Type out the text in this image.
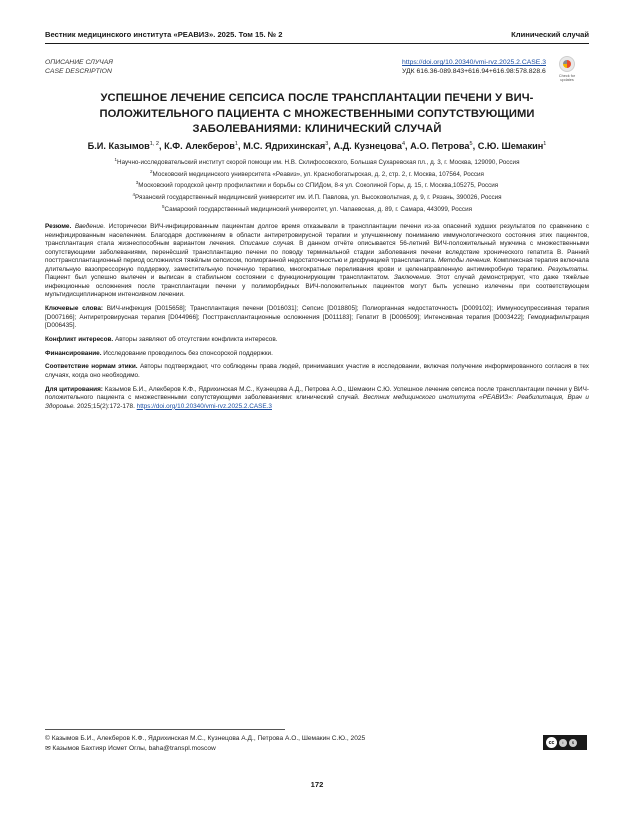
Вестник медицинского института «РЕАВИЗ». 2025. Том 15. № 2	Клинический случай
ОПИСАНИЕ СЛУЧАЯ
CASE DESCRIPTION
https://doi.org/10.20340/vmi-rvz.2025.2.CASE.3
УДК 616.36-089.843+616.94+616.98:578.828.6
Check for updates
УСПЕШНОЕ ЛЕЧЕНИЕ СЕПСИСА ПОСЛЕ ТРАНСПЛАНТАЦИИ ПЕЧЕНИ У ВИЧ-ПОЛОЖИТЕЛЬНОГО ПАЦИЕНТА С МНОЖЕСТВЕННЫМИ СОПУТСТВУЮЩИМИ ЗАБОЛЕВАНИЯМИ: КЛИНИЧЕСКИЙ СЛУЧАЙ
Б.И. Казымов$^{1, 2}$, К.Ф. Алекберов$^1$, М.С. Ядрихинская$^3$, А.Д. Кузнецова$^4$, А.О. Петрова$^5$, С.Ю. Шемакин$^1$
$^1$Научно-исследовательский институт скорой помощи им. Н.В. Склифосовского, Большая Сухаревская пл., д. 3, г. Москва, 129090, Россия
$^2$Московский медицинского университета «Реавиз», ул. Краснобогатырская, д. 2, стр. 2, г. Москва, 107564, Россия
$^3$Московский городской центр профилактики и борьбы со СПИДом, 8-я ул. Соколиной Горы, д. 15, г. Москва,105275, Россия
$^4$Рязанский государственный медицинский университет им. И.П. Павлова, ул. Высоковольтная, д. 9, г. Рязань, 390026, Россия
$^5$Самарский государственный медицинский университет, ул. Чапаевская, д. 89, г. Самара, 443099, Россия

Резюме. Введение. Исторически ВИЧ-инфицированным пациентам долгое время отказывали в трансплантации печени из-за опасений худших результатов по сравнению с неинфицированным населением. Благодаря достижениям в области антиретровирусной терапии и улучшенному пониманию иммунологического состояния этих пациентов, трансплантация стала жизнеспособным вариантом лечения. Описание случая. В данном отчёте описывается 56-летний ВИЧ-положительный мужчина с множественными сопутствующими заболеваниями, перенёсший трансплантацию печени по поводу терминальной стадии заболевания печени вследствие хронического гепатита В. Ранний посттрансплантационный период осложнился тяжёлым сепсисом, полиорганной недостаточностью и дисфункцией трансплантата. Методы лечения. Комплексная терапия включала длительную вазопрессорную поддержку, заместительную почечную терапию, многократные переливания крови и целенаправленную антимикробную терапию. Результаты. Пациент был успешно вылечен и выписан в стабильном состоянии с функционирующим трансплантатом. Заключение. Этот случай демонстрирует, что даже тяжёлые инфекционные осложнения после трансплантации печени у полиморбидных ВИЧ-положительных пациентов могут быть успешно излечены при соответствующем мультидисциплинарном интенсивном лечении.

Ключевые слова: ВИЧ-инфекция [D015658]; Трансплантация печени [D016031]; Сепсис [D018805]; Полиорганная недостаточность [D009102]; Иммуносупрессивная терапия [D007166]; Антиретровирусная терапия [D044966]; Посттрансплантационные осложнения [D011183]; Гепатит В [D006509]; Интенсивная терапия [D003422]; Гемодиафильтрация [D006435].

Конфликт интересов. Авторы заявляют об отсутствии конфликта интересов.

Финансирование. Исследование проводилось без спонсорской поддержки.

Соответствие нормам этики. Авторы подтверждают, что соблюдены права людей, принимавших участие в исследовании, включая получение информированного согласия в тех случаях, когда оно необходимо.

Для цитирования: Казымов Б.И., Алекберов К.Ф., Ядрихинская М.С., Кузнецова А.Д., Петрова А.О., Шемакин С.Ю. Успешное лечение сепсиса после трансплантации печени у ВИЧ-положительного пациента с множественными сопутствующими заболеваниями: клинический случай. Вестник медицинского института «РЕАВИЗ»: Реабилитация, Врач и Здоровье. 2025;15(2):172-178. https://doi.org/10.20340/vmi-rvz.2025.2.CASE.3

© Казымов Б.И., Алекберов К.Ф., Ядрихинская М.С., Кузнецова А.Д., Петрова А.О., Шемакин С.Ю., 2025
✉ Казымов Бахтияр Исмет Оглы, baha@transpl.moscow
cc	i	$
172
